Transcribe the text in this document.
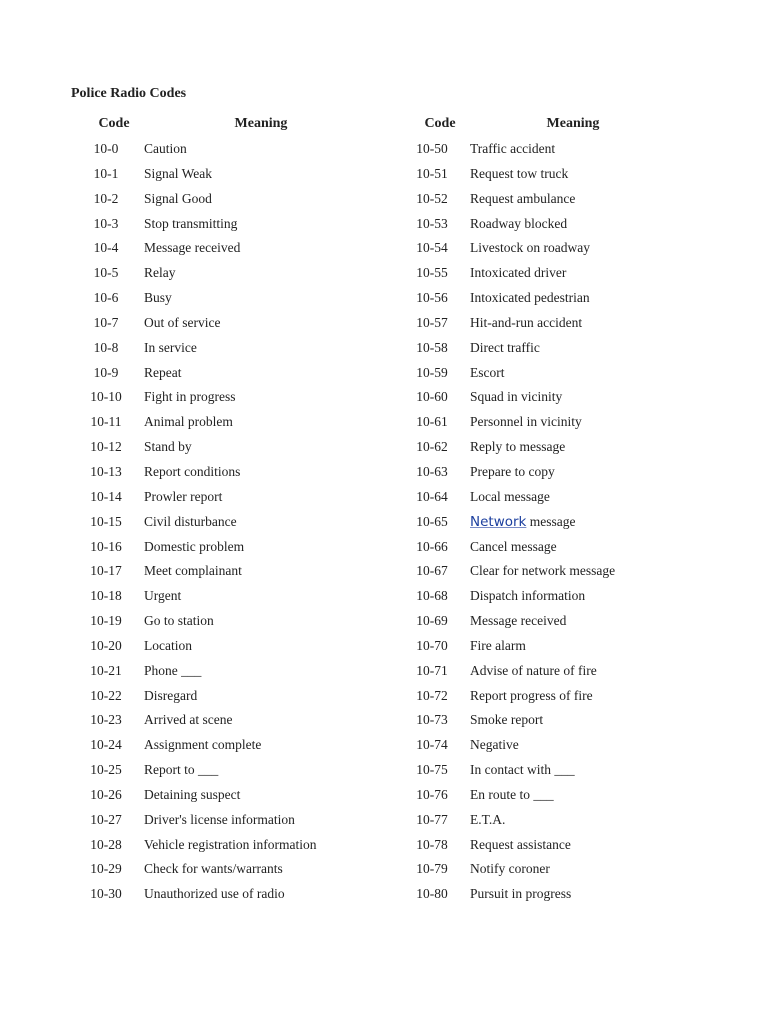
Police Radio Codes
Code	Meaning
10-0	Caution
10-1	Signal Weak
10-2	Signal Good
10-3	Stop transmitting
10-4	Message received
10-5	Relay
10-6	Busy
10-7	Out of service
10-8	In service
10-9	Repeat
10-10	Fight in progress
10-11	Animal problem
10-12	Stand by
10-13	Report conditions
10-14	Prowler report
10-15	Civil disturbance
10-16	Domestic problem
10-17	Meet complainant
10-18	Urgent
10-19	Go to station
10-20	Location
10-21	Phone ___
10-22	Disregard
10-23	Arrived at scene
10-24	Assignment complete
10-25	Report to ___
10-26	Detaining suspect
10-27	Driver's license information
10-28	Vehicle registration information
10-29	Check for wants/warrants
10-30	Unauthorized use of radio
Code	Meaning
10-50	Traffic accident
10-51	Request tow truck
10-52	Request ambulance
10-53	Roadway blocked
10-54	Livestock on roadway
10-55	Intoxicated driver
10-56	Intoxicated pedestrian
10-57	Hit-and-run accident
10-58	Direct traffic
10-59	Escort
10-60	Squad in vicinity
10-61	Personnel in vicinity
10-62	Reply to message
10-63	Prepare to copy
10-64	Local message
10-65	Network message
10-66	Cancel message
10-67	Clear for network message
10-68	Dispatch information
10-69	Message received
10-70	Fire alarm
10-71	Advise of nature of fire
10-72	Report progress of fire
10-73	Smoke report
10-74	Negative
10-75	In contact with ___
10-76	En route to ___
10-77	E.T.A.
10-78	Request assistance
10-79	Notify coroner
10-80	Pursuit in progress
